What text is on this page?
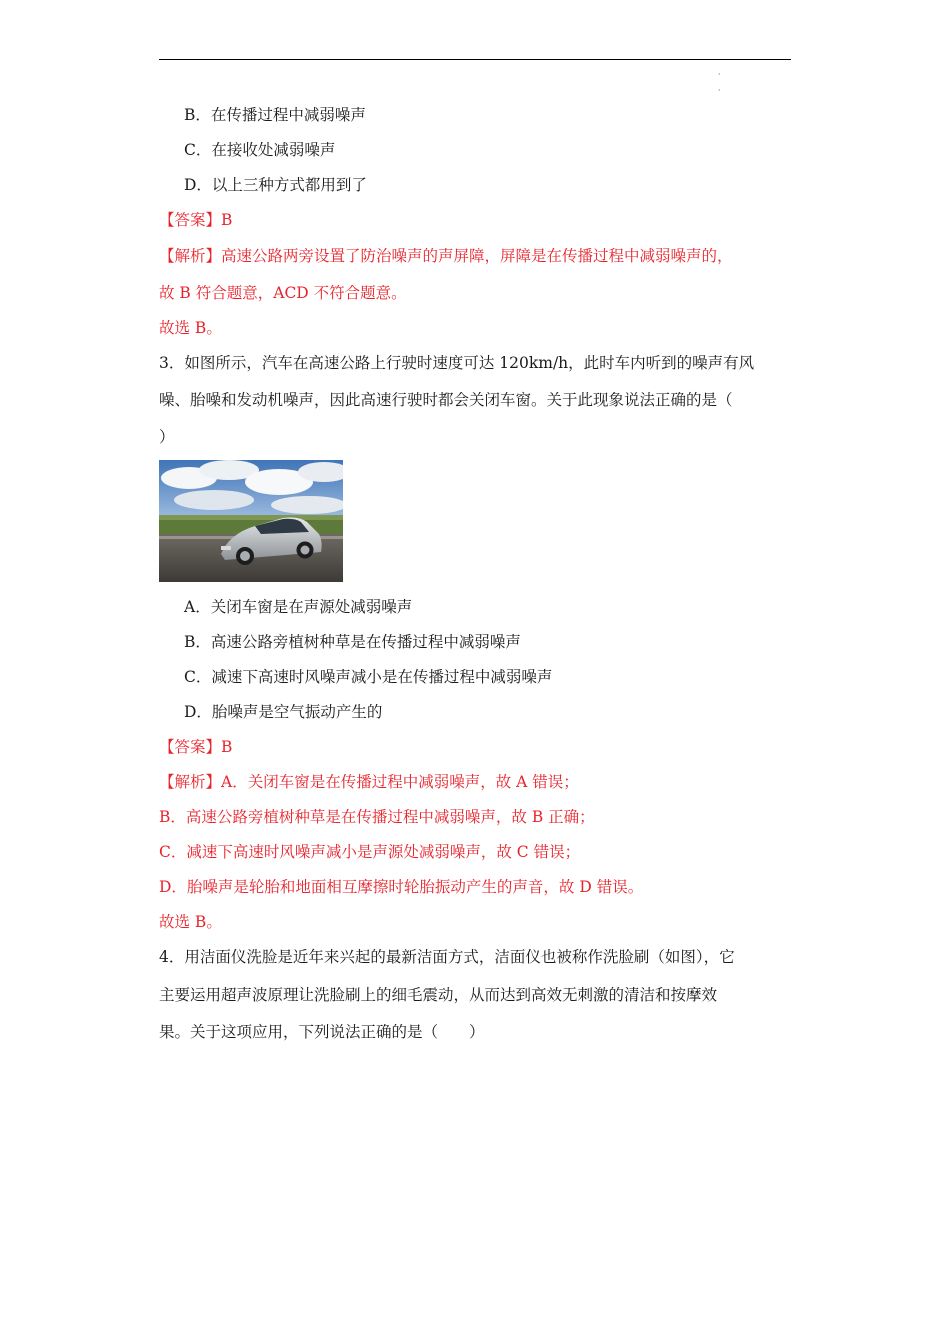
·
·
B．在传播过程中减弱噪声
C．在接收处减弱噪声
D．以上三种方式都用到了
【答案】B
【解析】高速公路两旁设置了防治噪声的声屏障，屏障是在传播过程中减弱噪声的，
故 B 符合题意，ACD 不符合题意。
故选 B。
3．如图所示，汽车在高速公路上行驶时速度可达 120km/h，此时车内听到的噪声有风
噪、胎噪和发动机噪声，因此高速行驶时都会关闭车窗。关于此现象说法正确的是（
）
A．关闭车窗是在声源处减弱噪声
B．高速公路旁植树种草是在传播过程中减弱噪声
C．减速下高速时风噪声减小是在传播过程中减弱噪声
D．胎噪声是空气振动产生的
【答案】B
【解析】A．关闭车窗是在传播过程中减弱噪声，故 A 错误；
B．高速公路旁植树种草是在传播过程中减弱噪声，故 B 正确；
C．减速下高速时风噪声减小是声源处减弱噪声，故 C 错误；
D．胎噪声是轮胎和地面相互摩擦时轮胎振动产生的声音，故 D 错误。
故选 B。
4．用洁面仪洗脸是近年来兴起的最新洁面方式，洁面仪也被称作洗脸刷（如图），它
主要运用超声波原理让洗脸刷上的细毛震动，从而达到高效无刺激的清洁和按摩效
果。关于这项应用，下列说法正确的是（　　）
